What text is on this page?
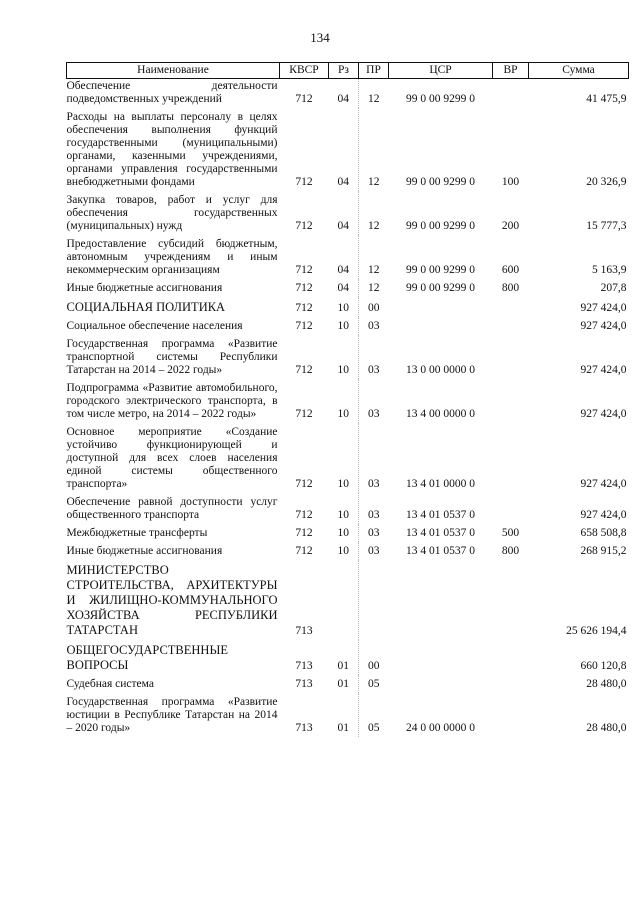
134
Наименование	КВСР	Рз	ПР	ЦСР	ВР	Сумма
Обеспечение деятельности подведомственных учреждений	712	04	12	99 0 00 9299 0		41 475,9
Расходы на выплаты персоналу в целях обеспечения выполнения функций государственными (муниципальными) органами, казенными учреждениями, органами управления государственными внебюджетными фондами	712	04	12	99 0 00 9299 0	100	20 326,9
Закупка товаров, работ и услуг для обеспечения государственных (муниципальных) нужд	712	04	12	99 0 00 9299 0	200	15 777,3
Предоставление субсидий бюджетным, автономным учреждениям и иным некоммерческим организациям	712	04	12	99 0 00 9299 0	600	5 163,9
Иные бюджетные ассигнования	712	04	12	99 0 00 9299 0	800	207,8
СОЦИАЛЬНАЯ ПОЛИТИКА	712	10	00			927 424,0
Социальное обеспечение населения	712	10	03			927 424,0
Государственная программа «Развитие транспортной системы Республики Татарстан на 2014 – 2022 годы»	712	10	03	13 0 00 0000 0		927 424,0
Подпрограмма «Развитие автомобильного, городского электрического транспорта, в том числе метро, на 2014 – 2022 годы»	712	10	03	13 4 00 0000 0		927 424,0
Основное мероприятие «Создание устойчиво функционирующей и доступной для всех слоев населения единой системы общественного транспорта»	712	10	03	13 4 01 0000 0		927 424,0
Обеспечение равной доступности услуг общественного транспорта	712	10	03	13 4 01 0537 0		927 424,0
Межбюджетные трансферты	712	10	03	13 4 01 0537 0	500	658 508,8
Иные бюджетные ассигнования	712	10	03	13 4 01 0537 0	800	268 915,2
МИНИСТЕРСТВО СТРОИТЕЛЬСТВА, АРХИТЕКТУРЫ И ЖИЛИЩНО-КОММУНАЛЬНОГО ХОЗЯЙСТВА РЕСПУБЛИКИ ТАТАРСТАН	713					25 626 194,4
ОБЩЕГОСУДАРСТВЕННЫЕ ВОПРОСЫ	713	01	00			660 120,8
Судебная система	713	01	05			28 480,0
Государственная программа «Развитие юстиции в Республике Татарстан на 2014 – 2020 годы»	713	01	05	24 0 00 0000 0		28 480,0
